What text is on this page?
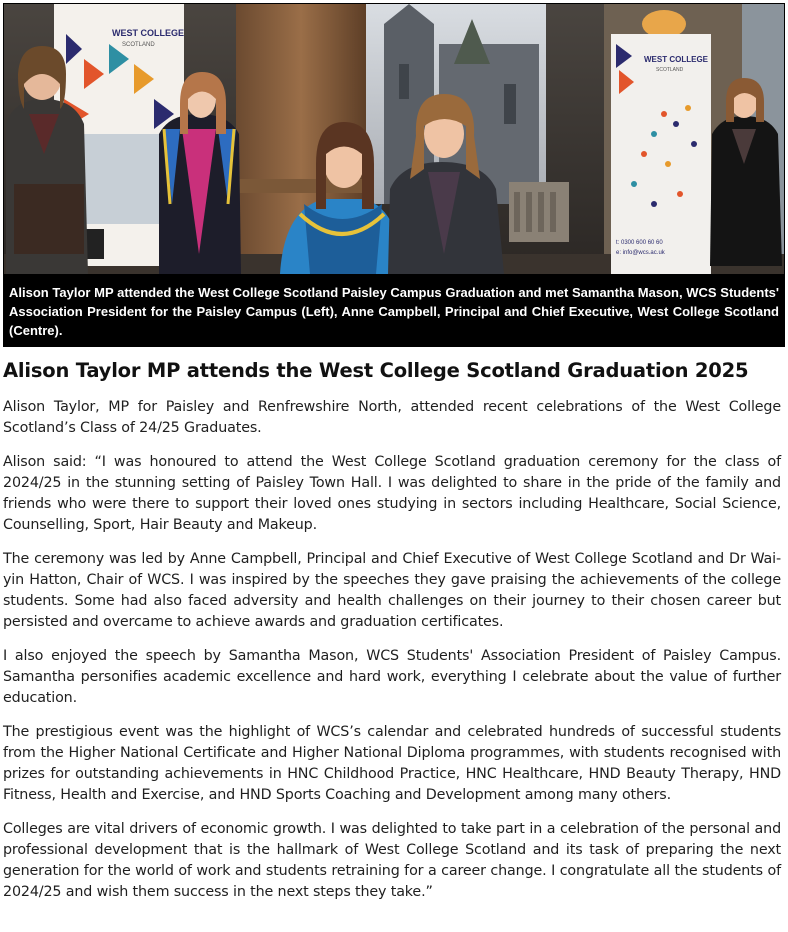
WEST COLLEGE
SCOTLAND
WEST COLLEGE
SCOTLAND
t: 0300 600 60 60
e: info@wcs.ac.uk
Alison Taylor MP attended the West College Scotland Paisley Campus Graduation and met Samantha Mason, WCS Students' Association President for the Paisley Campus (Left), Anne Campbell, Principal and Chief Executive, West College Scotland (Centre).
Alison Taylor MP attends the West College Scotland Graduation 2025

Alison Taylor, MP for Paisley and Renfrewshire North, attended recent celebrations of the West College Scotland’s Class of 24/25 Graduates.

Alison said: “I was honoured to attend the West College Scotland graduation ceremony for the class of 2024/25 in the stunning setting of Paisley Town Hall. I was delighted to share in the pride of the family and friends who were there to support their loved ones studying in sectors including Healthcare, Social Science, Counselling, Sport, Hair Beauty and Makeup.

The ceremony was led by Anne Campbell, Principal and Chief Executive of West College Scotland and Dr Wai-yin Hatton, Chair of WCS. I was inspired by the speeches they gave praising the achievements of the college students. Some had also faced adversity and health challenges on their journey to their chosen career but persisted and overcame to achieve awards and graduation certificates.

I also enjoyed the speech by Samantha Mason, WCS Students' Association President of Paisley Campus. Samantha personifies academic excellence and hard work, everything I celebrate about the value of further education.

The prestigious event was the highlight of WCS’s calendar and celebrated hundreds of successful students from the Higher National Certificate and Higher National Diploma programmes, with students recognised with prizes for outstanding achievements in HNC Childhood Practice, HNC Healthcare, HND Beauty Therapy, HND Fitness, Health and Exercise, and HND Sports Coaching and Development among many others.

Colleges are vital drivers of economic growth. I was delighted to take part in a celebration of the personal and professional development that is the hallmark of West College Scotland and its task of preparing the next generation for the world of work and students retraining for a career change. I congratulate all the students of 2024/25 and wish them success in the next steps they take.”
